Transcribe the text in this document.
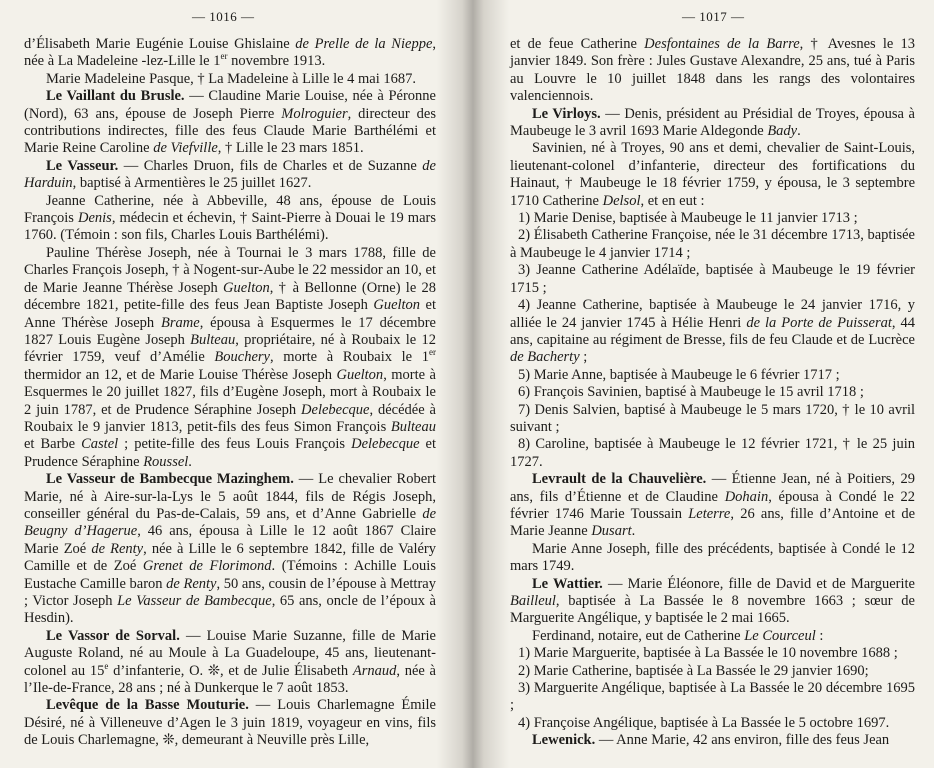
— 1016 —

d’Élisabeth Marie Eugénie Louise Ghislaine de Prelle de la Nieppe, née à La Madeleine -lez-Lille le 1er novembre 1913.

Marie Madeleine Pasque, † La Madeleine à Lille le 4 mai 1687.

Le Vaillant du Brusle. — Claudine Marie Louise, née à Péronne (Nord), 63 ans, épouse de Joseph Pierre Molroguier, directeur des contributions indirectes, fille des feus Claude Marie Barthélémi et Marie Reine Caroline de Viefville, † Lille le 23 mars 1851.

Le Vasseur. — Charles Druon, fils de Charles et de Suzanne de Harduin, baptisé à Armentières le 25 juillet 1627.

Jeanne Catherine, née à Abbeville, 48 ans, épouse de Louis François Denis, médecin et échevin, † Saint-Pierre à Douai le 19 mars 1760. (Témoin : son fils, Charles Louis Barthélémi).

Pauline Thérèse Joseph, née à Tournai le 3 mars 1788, fille de Charles François Joseph, † à Nogent-sur-Aube le 22 messidor an 10, et de Marie Jeanne Thérèse Joseph Guelton, † à Bellonne (Orne) le 28 décembre 1821, petite-fille des feus Jean Baptiste Joseph Guelton et Anne Thérèse Joseph Brame, épousa à Esquermes le 17 décembre 1827 Louis Eugène Joseph Bulteau, propriétaire, né à Roubaix le 12 février 1759, veuf d’Amélie Bouchery, morte à Roubaix le 1er thermidor an 12, et de Marie Louise Thérèse Joseph Guelton, morte à Esquermes le 20 juillet 1827, fils d’Eugène Joseph, mort à Roubaix le 2 juin 1787, et de Prudence Séraphine Joseph Delebecque, décédée à Roubaix le 9 janvier 1813, petit-fils des feus Simon François Bulteau et Barbe Castel ; petite-fille des feus Louis François Delebecque et Prudence Séraphine Roussel.

Le Vasseur de Bambecque Mazinghem. — Le chevalier Robert Marie, né à Aire-sur-la-Lys le 5 août 1844, fils de Régis Joseph, conseiller général du Pas-de-Calais, 59 ans, et d’Anne Gabrielle de Beugny d’Hagerue, 46 ans, épousa à Lille le 12 août 1867 Claire Marie Zoé de Renty, née à Lille le 6 septembre 1842, fille de Valéry Camille et de Zoé Grenet de Florimond. (Témoins : Achille Louis Eustache Camille baron de Renty, 50 ans, cousin de l’épouse à Mettray ; Victor Joseph Le Vasseur de Bambecque, 65 ans, oncle de l’époux à Hesdin).

Le Vassor de Sorval. — Louise Marie Suzanne, fille de Marie Auguste Roland, né au Moule à La Guadeloupe, 45 ans, lieutenant-colonel au 15e d’infanterie, O. ❊, et de Julie Élisabeth Arnaud, née à l’Ile-de-France, 28 ans ; né à Dunkerque le 7 août 1853.

Levêque de la Basse Mouturie. — Louis Charlemagne Émile Désiré, né à Villeneuve d’Agen le 3 juin 1819, voyageur en vins, fils de Louis Charlemagne, ❊, demeurant à Neuville près Lille,

— 1017 —

et de feue Catherine Desfontaines de la Barre, † Avesnes le 13 janvier 1849. Son frère : Jules Gustave Alexandre, 25 ans, tué à Paris au Louvre le 10 juillet 1848 dans les rangs des volontaires valenciennois.

Le Virloys. — Denis, président au Présidial de Troyes, épousa à Maubeuge le 3 avril 1693 Marie Aldegonde Bady.

Savinien, né à Troyes, 90 ans et demi, chevalier de Saint-Louis, lieutenant-colonel d’infanterie, directeur des fortifications du Hainaut, † Maubeuge le 18 février 1759, y épousa, le 3 septembre 1710 Catherine Delsol, et en eut :

1) Marie Denise, baptisée à Maubeuge le 11 janvier 1713 ;

2) Élisabeth Catherine Françoise, née le 31 décembre 1713, baptisée à Maubeuge le 4 janvier 1714 ;

3) Jeanne Catherine Adélaïde, baptisée à Maubeuge le 19 février 1715 ;

4) Jeanne Catherine, baptisée à Maubeuge le 24 janvier 1716, y alliée le 24 janvier 1745 à Hélie Henri de la Porte de Puisserat, 44 ans, capitaine au régiment de Bresse, fils de feu Claude et de Lucrèce de Bacherty ;

5) Marie Anne, baptisée à Maubeuge le 6 février 1717 ;

6) François Savinien, baptisé à Maubeuge le 15 avril 1718 ;

7) Denis Salvien, baptisé à Maubeuge le 5 mars 1720, † le 10 avril suivant ;

8) Caroline, baptisée à Maubeuge le 12 février 1721, † le 25 juin 1727.

Levrault de la Chauvelière. — Étienne Jean, né à Poitiers, 29 ans, fils d’Étienne et de Claudine Dohain, épousa à Condé le 22 février 1746 Marie Toussain Leterre, 26 ans, fille d’Antoine et de Marie Jeanne Dusart.

Marie Anne Joseph, fille des précédents, baptisée à Condé le 12 mars 1749.

Le Wattier. — Marie Éléonore, fille de David et de Marguerite Bailleul, baptisée à La Bassée le 8 novembre 1663 ; sœur de Marguerite Angélique, y baptisée le 2 mai 1665.

Ferdinand, notaire, eut de Catherine Le Courceul :

1) Marie Marguerite, baptisée à La Bassée le 10 novembre 1688 ;

2) Marie Catherine, baptisée à La Bassée le 29 janvier 1690;

3) Marguerite Angélique, baptisée à La Bassée le 20 décembre 1695 ;

4) Françoise Angélique, baptisée à La Bassée le 5 octobre 1697.

Lewenick. — Anne Marie, 42 ans environ, fille des feus Jean
